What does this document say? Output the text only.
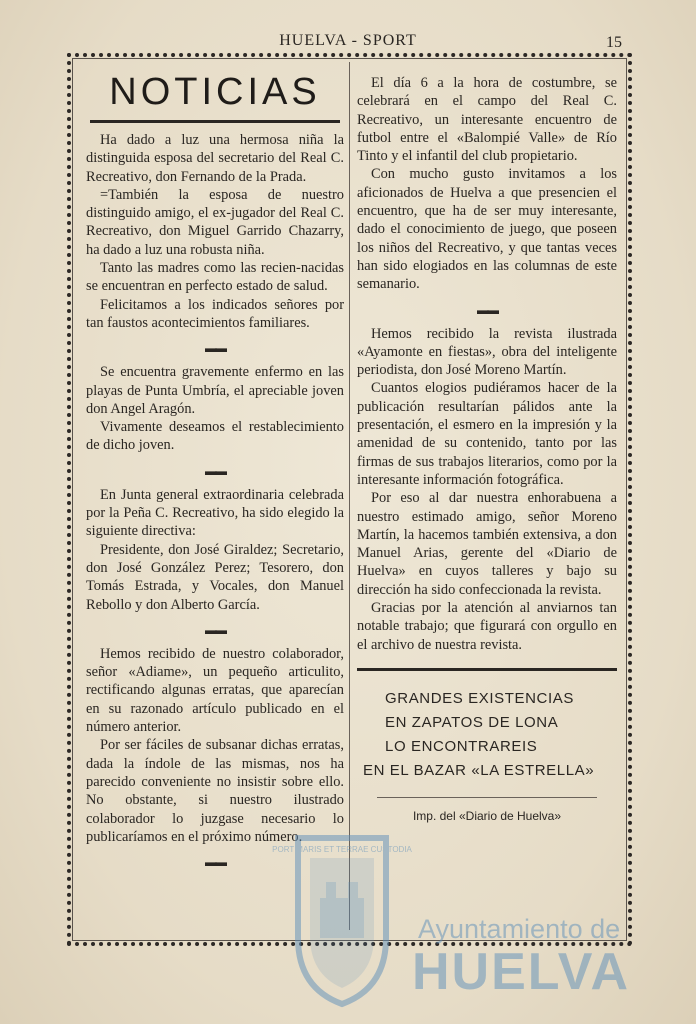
HUELVA - SPORT	15
NOTICIAS

Ha dado a luz una hermosa niña la distinguida esposa del secretario del Real C. Recreativo, don Fernando de la Prada.

=También la esposa de nuestro distinguido amigo, el ex-jugador del Real C. Recreativo, don Miguel Garrido Chazarry, ha dado a luz una robusta niña.

Tanto las madres como las recien-nacidas se encuentran en perfecto estado de salud.

Felicitamos a los indicados señores por tan faustos acontecimientos familiares.

▬▬

Se encuentra gravemente enfermo en las playas de Punta Umbría, el apreciable joven don Angel Aragón.

Vivamente deseamos el restablecimiento de dicho joven.

▬▬

En Junta general extraordinaria celebrada por la Peña C. Recreativo, ha sido elegido la siguiente directiva:

Presidente, don José Giraldez; Secretario, don José González Perez; Tesorero, don Tomás Estrada, y Vocales, don Manuel Rebollo y don Alberto García.

▬▬

Hemos recibido de nuestro colaborador, señor «Adiame», un pequeño articulito, rectificando algunas erratas, que aparecían en su razonado artículo publicado en el número anterior.

Por ser fáciles de subsanar dichas erratas, dada la índole de las mismas, nos ha parecido conveniente no insistir sobre ello. No obstante, si nuestro ilustrado colaborador lo juzgase necesario lo publicaríamos en el próximo número.

▬▬

El día 6 a la hora de costumbre, se celebrará en el campo del Real C. Recreativo, un interesante encuentro de futbol entre el «Balompié Valle» de Río Tinto y el infantil del club propietario.

Con mucho gusto invitamos a los aficionados de Huelva a que presencien el encuentro, que ha de ser muy interesante, dado el conocimiento de juego, que poseen los niños del Recreativo, y que tantas veces han sido elogiados en las columnas de este semanario.

▬▬

Hemos recibido la revista ilustrada «Ayamonte en fiestas», obra del inteligente periodista, don José Moreno Martín.

Cuantos elogios pudiéramos hacer de la publicación resultarían pálidos ante la presentación, el esmero en la impresión y la amenidad de su contenido, tanto por las firmas de sus trabajos literarios, como por la interesante información fotográfica.

Por eso al dar nuestra enhorabuena a nuestro estimado amigo, señor Moreno Martín, la hacemos también extensiva, a don Manuel Arias, gerente del «Diario de Huelva» en cuyos talleres y bajo su dirección ha sido confeccionada la revista.

Gracias por la atención al anviarnos tan notable trabajo; que figurará con orgullo en el archivo de nuestra revista.

GRANDES EXISTENCIAS
EN ZAPATOS DE LONA
LO ENCONTRAREIS
EN EL BAZAR «LA ESTRELLA»
Imp. del «Diario de Huelva»
PORT MARIS ET TERRAE CUSTODIA
Ayuntamiento de
HUELVA
